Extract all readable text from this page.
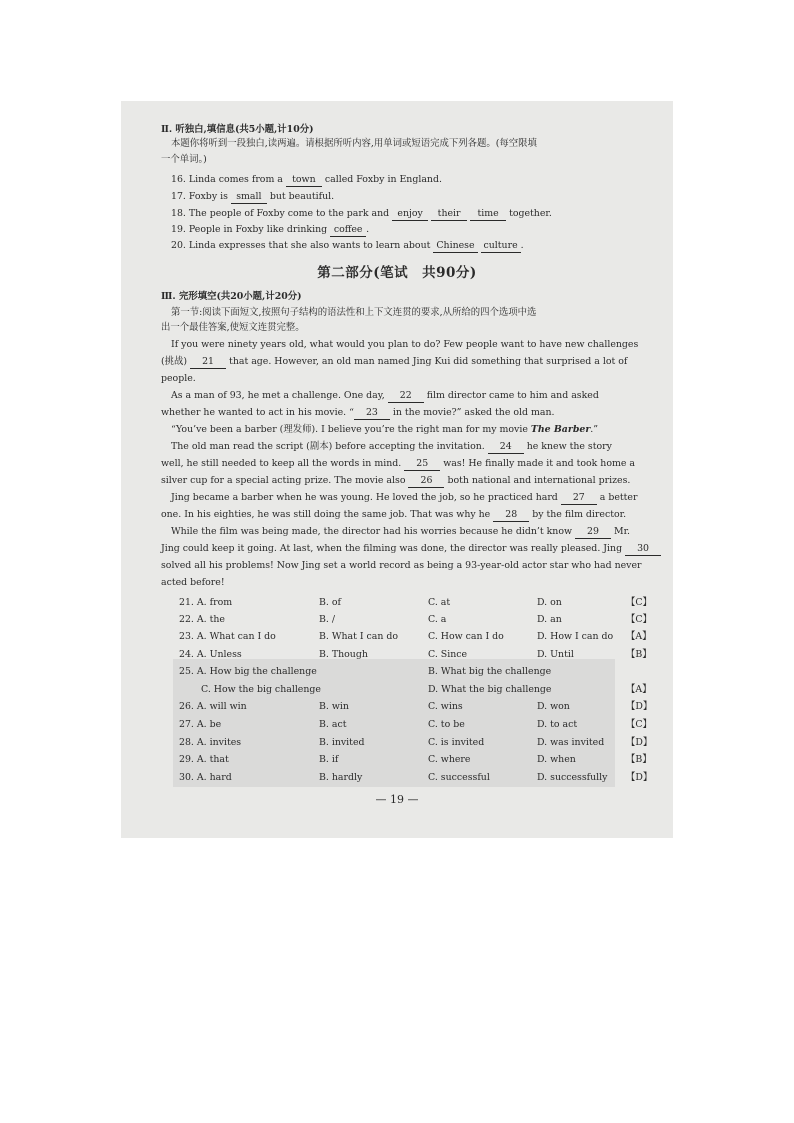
Ⅱ. 听独白,填信息(共5小题,计10分)
本题你将听到一段独白,读两遍。请根据所听内容,用单词或短语完成下列各题。(每空限填
一个单词。)
16. Linda comes from a town called Foxby in England.
17. Foxby is small but beautiful.
18. The people of Foxby come to the park and enjoy their time together.
19. People in Foxby like drinking coffee .
20. Linda expresses that she also wants to learn about Chinese culture .
第二部分(笔试　共90分)
Ⅲ. 完形填空(共20小题,计20分)
第一节:阅读下面短文,按照句子结构的语法性和上下文连贯的要求,从所给的四个选项中选
出一个最佳答案,使短文连贯完整。
If you were ninety years old, what would you plan to do? Few people want to have new challenges
(挑战) 21 that age. However, an old man named Jing Kui did something that surprised a lot of
people.
As a man of 93, he met a challenge. One day, 22 film director came to him and asked
whether he wanted to act in his movie. “ 23 in the movie?” asked the old man.
“You’ve been a barber (理发师). I believe you’re the right man for my movie The Barber.”
The old man read the script (剧本) before accepting the invitation. 24 he knew the story
well, he still needed to keep all the words in mind. 25 was! He finally made it and took home a
silver cup for a special acting prize. The movie also 26 both national and international prizes.
Jing became a barber when he was young. He loved the job, so he practiced hard 27 a better
one. In his eighties, he was still doing the same job. That was why he 28 by the film director.
While the film was being made, the director had his worries because he didn’t know 29 Mr.
Jing could keep it going. At last, when the filming was done, the director was really pleased. Jing 30
solved all his problems! Now Jing set a world record as being a 93-year-old actor star who had never
acted before!
21. A. from	B. of	C. at	D. on	【C】
22. A. the	B. /	C. a	D. an	【C】
23. A. What can I do	B. What I can do	C. How can I do	D. How I can do 【A】
24. A. Unless	B. Though	C. Since	D. Until	【B】
25. A. How big the challenge	B. What big the challenge
C. How the big challenge	D. What the big challenge	【A】
26. A. will win	B. win	C. wins	D. won	【D】
27. A. be	B. act	C. to be	D. to act	【C】
28. A. invites	B. invited	C. is invited	D. was invited 【D】
29. A. that	B. if	C. where	D. when	【B】
30. A. hard	B. hardly	C. successful	D. successfully 【D】
— 19 —
